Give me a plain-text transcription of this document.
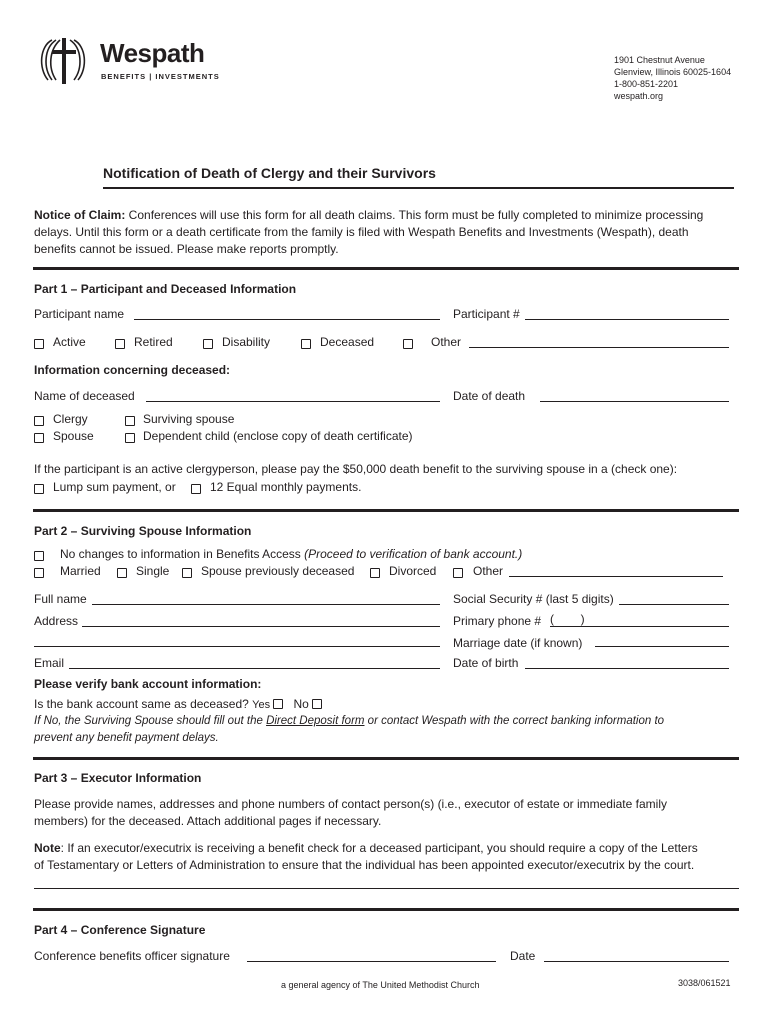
Wespath
BENEFITS | INVESTMENTS
1901 Chestnut Avenue
Glenview, Illinois 60025-1604
1-800-851-2201
wespath.org
Notification of Death of Clergy and their Survivors
Notice of Claim: Conferences will use this form for all death claims. This form must be fully completed to minimize processing
delays. Until this form or a death certificate from the family is filed with Wespath Benefits and Investments (Wespath), death
benefits cannot be issued. Please make reports promptly.
Part 1 – Participant and Deceased Information
Participant name	Participant #
Active	Retired	Disability	Deceased	Other
Information concerning deceased:
Name of deceased	Date of death
Clergy	Surviving spouse
Spouse	Dependent child (enclose copy of death certificate)
If the participant is an active clergyperson, please pay the $50,000 death benefit to the surviving spouse in a (check one):
Lump sum payment, or	12 Equal monthly payments.
Part 2 – Surviving Spouse Information
No changes to information in Benefits Access (Proceed to verification of bank account.)
Married	Single	Spouse previously deceased	Divorced	Other
Full name	Social Security # (last 5 digits)
Address	Primary phone # (        )
Marriage date (if known)
Email	Date of birth
Please verify bank account information:
Is the bank account same as deceased? Yes No
If No, the Surviving Spouse should fill out the Direct Deposit form or contact Wespath with the correct banking information to
prevent any benefit payment delays.
Part 3 – Executor Information
Please provide names, addresses and phone numbers of contact person(s) (i.e., executor of estate or immediate family
members) for the deceased. Attach additional pages if necessary.
Note: If an executor/executrix is receiving a benefit check for a deceased participant, you should require a copy of the Letters
of Testamentary or Letters of Administration to ensure that the individual has been appointed executor/executrix by the court.
Part 4 – Conference Signature
Conference benefits officer signature	Date
a general agency of The United Methodist Church	3038/061521
